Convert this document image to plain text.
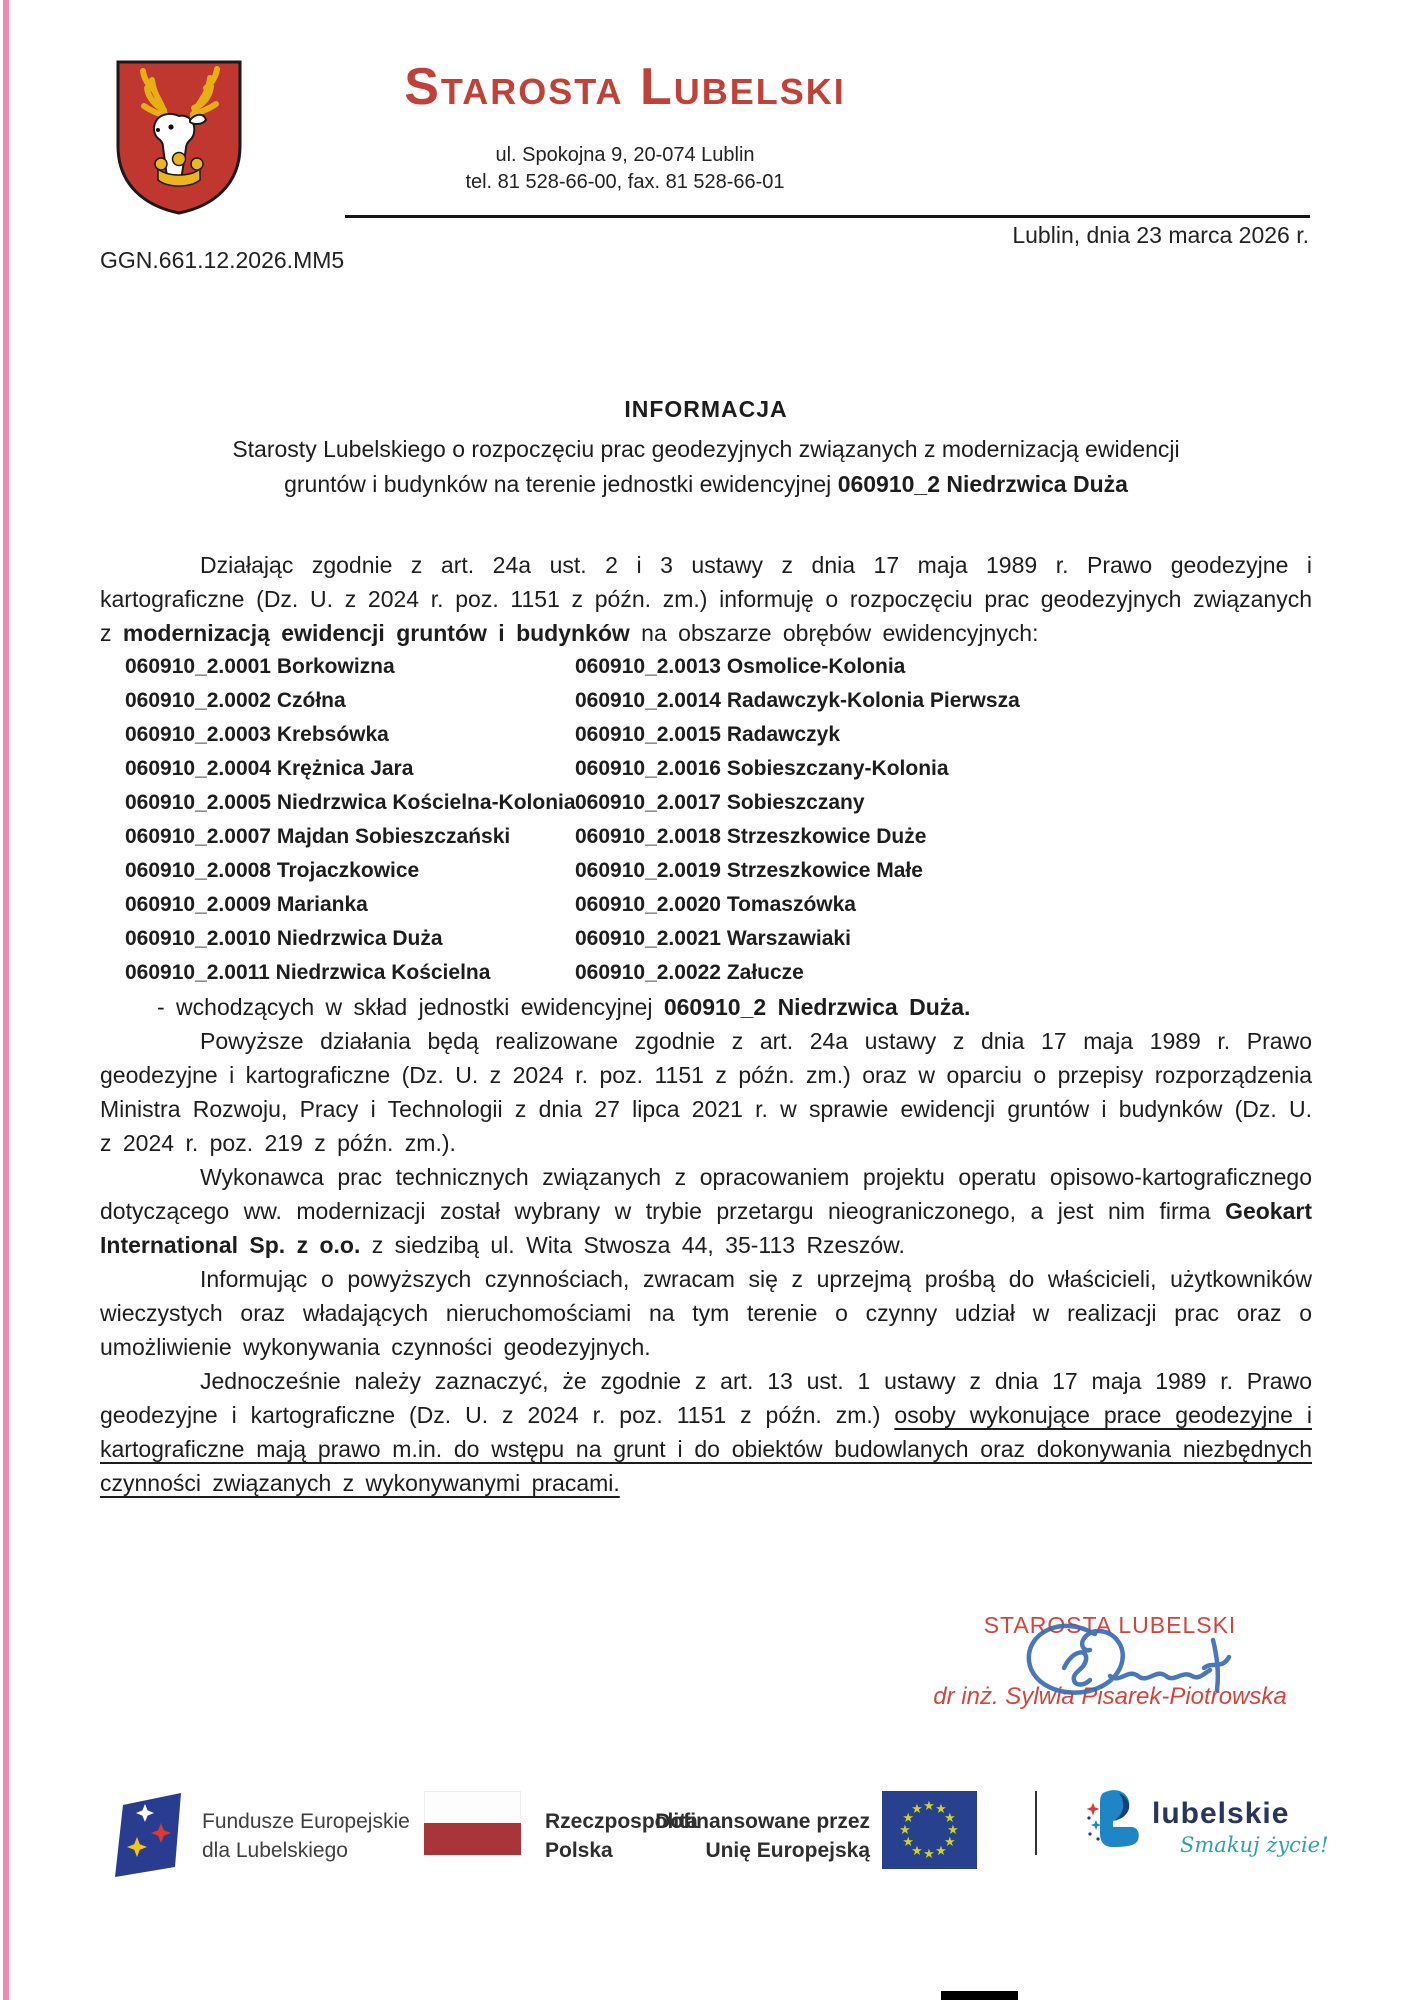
Starosta Lubelski
ul. Spokojna 9, 20-074 Lublin
tel. 81 528-66-00, fax. 81 528-66-01
Lublin, dnia 23 marca 2026 r.
GGN.661.12.2026.MM5
INFORMACJA
Starosty Lubelskiego o rozpoczęciu prac geodezyjnych związanych z modernizacją ewidencji
gruntów i budynków na terenie jednostki ewidencyjnej 060910_2 Niedrzwica Duża

Działając zgodnie z art. 24a ust. 2 i 3 ustawy z dnia 17 maja 1989 r. Prawo geodezyjne i kartograficzne (Dz. U. z 2024 r. poz. 1151 z późn. zm.) informuję o rozpoczęciu prac geodezyjnych związanych z modernizacją ewidencji gruntów i budynków na obszarze obrębów ewidencyjnych:

060910_2.0001 Borkowizna
060910_2.0002 Czółna
060910_2.0003 Krebsówka
060910_2.0004 Krężnica Jara
060910_2.0005 Niedrzwica Kościelna-Kolonia
060910_2.0007 Majdan Sobieszczański
060910_2.0008 Trojaczkowice
060910_2.0009 Marianka
060910_2.0010 Niedrzwica Duża
060910_2.0011 Niedrzwica Kościelna
060910_2.0013 Osmolice-Kolonia
060910_2.0014 Radawczyk-Kolonia Pierwsza
060910_2.0015 Radawczyk
060910_2.0016 Sobieszczany-Kolonia
060910_2.0017 Sobieszczany
060910_2.0018 Strzeszkowice Duże
060910_2.0019 Strzeszkowice Małe
060910_2.0020 Tomaszówka
060910_2.0021 Warszawiaki
060910_2.0022 Załucze

- wchodzących w skład jednostki ewidencyjnej 060910_2 Niedrzwica Duża.

Powyższe działania będą realizowane zgodnie z art. 24a ustawy z dnia 17 maja 1989 r. Prawo geodezyjne i kartograficzne (Dz. U. z 2024 r. poz. 1151 z późn. zm.) oraz w oparciu o przepisy rozporządzenia Ministra Rozwoju, Pracy i Technologii z dnia 27 lipca 2021 r. w sprawie ewidencji gruntów i budynków (Dz. U. z 2024 r. poz. 219 z późn. zm.).

Wykonawca prac technicznych związanych z opracowaniem projektu operatu opisowo-kartograficznego dotyczącego ww. modernizacji został wybrany w trybie przetargu nieograniczonego, a jest nim firma Geokart International Sp. z o.o. z siedzibą ul. Wita Stwosza 44, 35-113 Rzeszów.

Informując o powyższych czynnościach, zwracam się z uprzejmą prośbą do właścicieli, użytkowników wieczystych oraz władających nieruchomościami na tym terenie o czynny udział w realizacji prac oraz o umożliwienie wykonywania czynności geodezyjnych.

Jednocześnie należy zaznaczyć, że zgodnie z art. 13 ust. 1 ustawy z dnia 17 maja 1989 r. Prawo geodezyjne i kartograficzne (Dz. U. z 2024 r. poz. 1151 z późn. zm.) osoby wykonujące prace geodezyjne i kartograficzne mają prawo m.in. do wstępu na grunt i do obiektów budowlanych oraz dokonywania niezbędnych czynności związanych z wykonywanymi pracami.

STAROSTA LUBELSKI
dr inż. Sylwia Pisarek-Piotrowska
Fundusze Europejskie
dla Lubelskiego
Rzeczpospolita
Polska
Dofinansowane przez
Unię Europejską
★
★
★
★
★
★
★
★
★ ★ ★
★	lubelskie
Smakuj życie!
